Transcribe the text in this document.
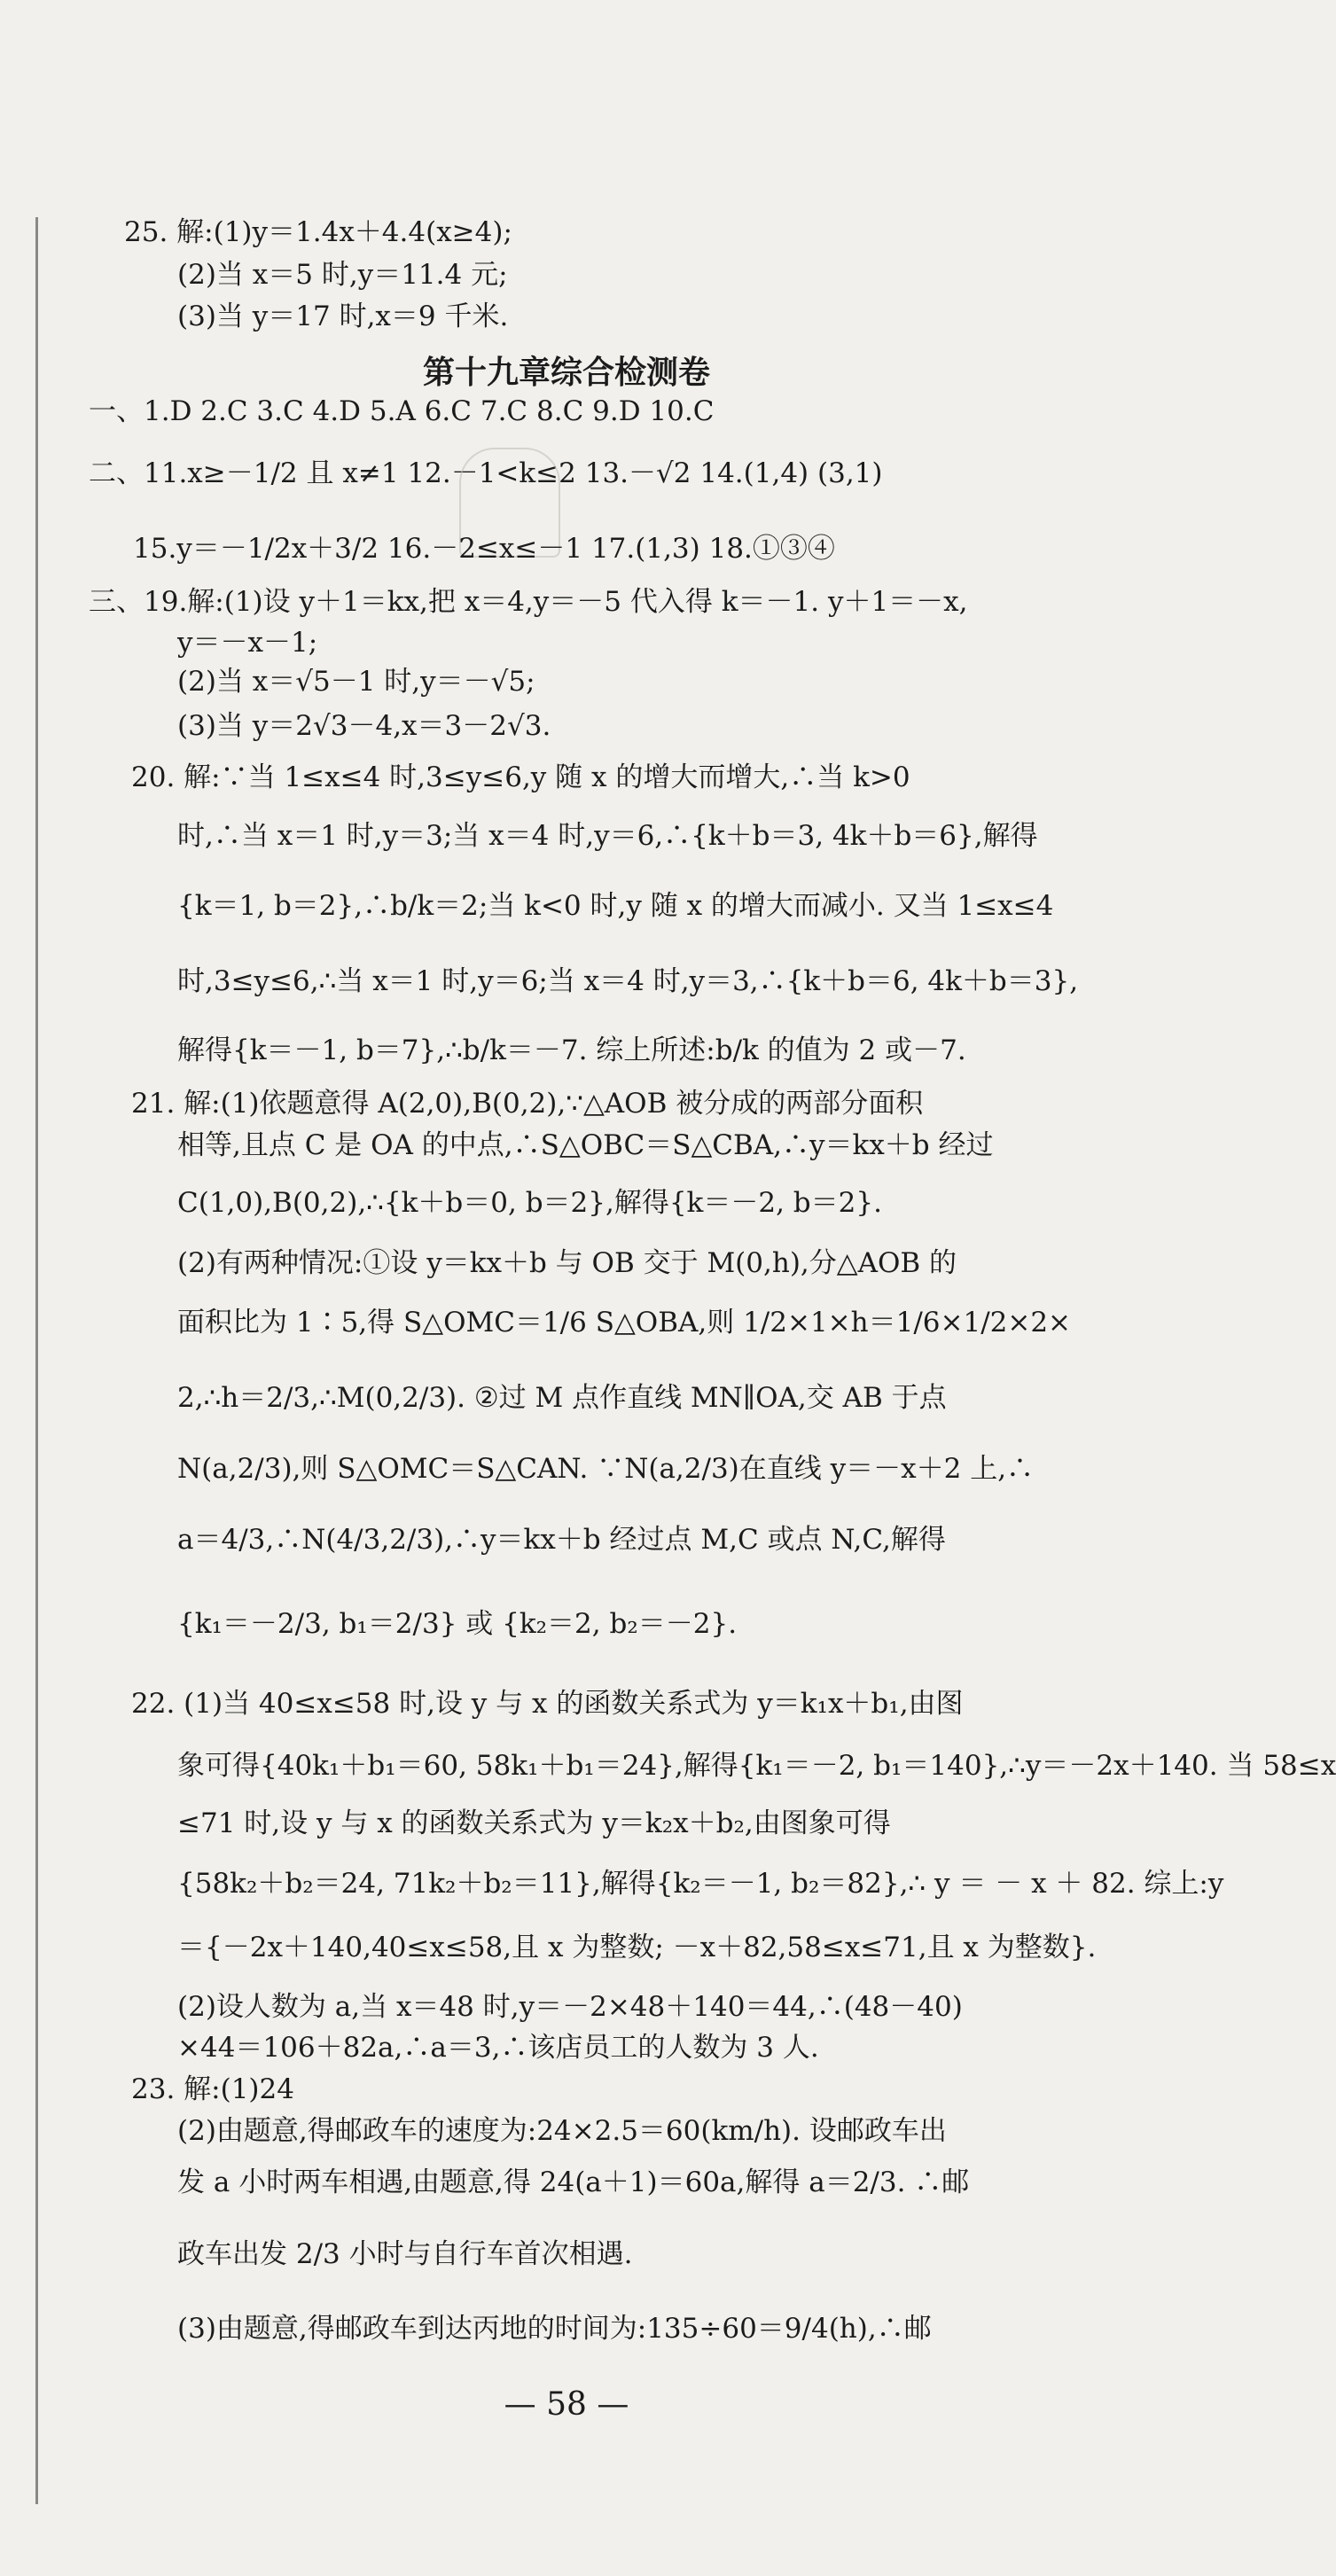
25. 解:(1)y＝1.4x＋4.4(x≥4);
(2)当 x＝5 时,y＝11.4 元;
(3)当 y＝17 时,x＝9 千米.
第十九章综合检测卷
一、1.D 2.C 3.C 4.D 5.A 6.C 7.C 8.C 9.D 10.C
二、11.x≥－1/2 且 x≠1 12.－1<k≤2 13.－√2 14.(1,4) (3,1)
15.y＝－1/2x＋3/2 16.－2≤x≤－1 17.(1,3) 18.①③④
三、19.解:(1)设 y＋1＝kx,把 x＝4,y＝－5 代入得 k＝－1. y＋1＝－x,
y＝－x－1;
(2)当 x＝√5－1 时,y＝－√5;
(3)当 y＝2√3－4,x＝3－2√3.
20. 解:∵当 1≤x≤4 时,3≤y≤6,y 随 x 的增大而增大,∴当 k>0
时,∴当 x＝1 时,y＝3;当 x＝4 时,y＝6,∴{k＋b＝3, 4k＋b＝6},解得
{k＝1, b＝2},∴b/k＝2;当 k<0 时,y 随 x 的增大而减小. 又当 1≤x≤4
时,3≤y≤6,∴当 x＝1 时,y＝6;当 x＝4 时,y＝3,∴{k＋b＝6, 4k＋b＝3},
解得{k＝－1, b＝7},∴b/k＝－7. 综上所述:b/k 的值为 2 或－7.
21. 解:(1)依题意得 A(2,0),B(0,2),∵△AOB 被分成的两部分面积
相等,且点 C 是 OA 的中点,∴S△OBC＝S△CBA,∴y＝kx＋b 经过
C(1,0),B(0,2),∴{k＋b＝0, b＝2},解得{k＝－2, b＝2}.
(2)有两种情况:①设 y＝kx＋b 与 OB 交于 M(0,h),分△AOB 的
面积比为 1∶5,得 S△OMC＝1/6 S△OBA,则 1/2×1×h＝1/6×1/2×2×
2,∴h＝2/3,∴M(0,2/3). ②过 M 点作直线 MN∥OA,交 AB 于点
N(a,2/3),则 S△OMC＝S△CAN. ∵N(a,2/3)在直线 y＝－x＋2 上,∴
a＝4/3,∴N(4/3,2/3),∴y＝kx＋b 经过点 M,C 或点 N,C,解得
{k₁＝－2/3, b₁＝2/3} 或 {k₂＝2, b₂＝－2}.
22. (1)当 40≤x≤58 时,设 y 与 x 的函数关系式为 y＝k₁x＋b₁,由图
象可得{40k₁＋b₁＝60, 58k₁＋b₁＝24},解得{k₁＝－2, b₁＝140},∴y＝－2x＋140. 当 58≤x
≤71 时,设 y 与 x 的函数关系式为 y＝k₂x＋b₂,由图象可得
{58k₂＋b₂＝24, 71k₂＋b₂＝11},解得{k₂＝－1, b₂＝82},∴ y ＝ － x ＋ 82. 综上:y
＝{－2x＋140,40≤x≤58,且 x 为整数; －x＋82,58≤x≤71,且 x 为整数}.
(2)设人数为 a,当 x＝48 时,y＝－2×48＋140＝44,∴(48－40)
×44＝106＋82a,∴a＝3,∴该店员工的人数为 3 人.
23. 解:(1)24
(2)由题意,得邮政车的速度为:24×2.5＝60(km/h). 设邮政车出
发 a 小时两车相遇,由题意,得 24(a＋1)＝60a,解得 a＝2/3. ∴邮
政车出发 2/3 小时与自行车首次相遇.
(3)由题意,得邮政车到达丙地的时间为:135÷60＝9/4(h),∴邮
— 58 —
